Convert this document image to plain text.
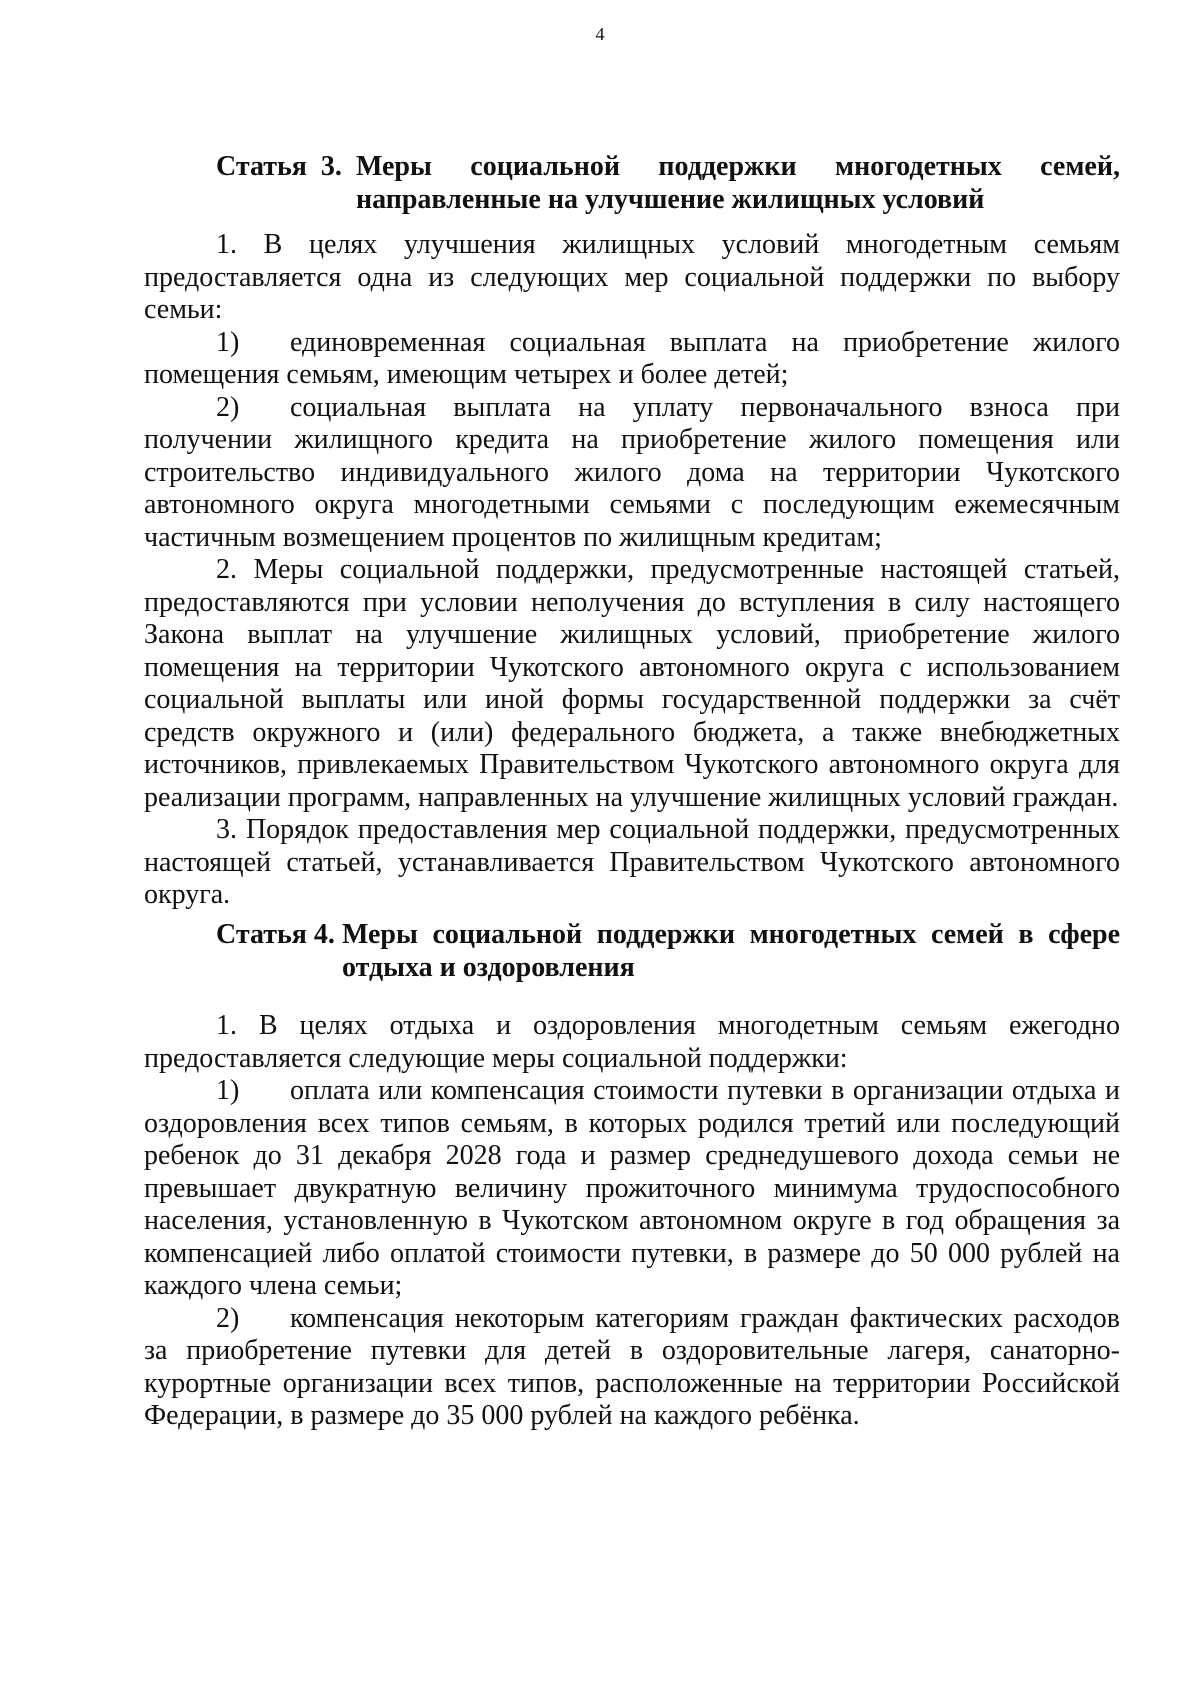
4
Статья  3. Меры социальной поддержки многодетных семей, направленные на улучшение жилищных условий

1. В целях улучшения жилищных условий многодетным семьям предоставляется одна из следующих мер социальной поддержки по выбору семьи:

1) единовременная социальная выплата на приобретение жилого помещения семьям, имеющим четырех и более детей;

2) социальная выплата на уплату первоначального взноса при получении жилищного кредита на приобретение жилого помещения или строительство индивидуального жилого дома на территории Чукотского автономного округа многодетными семьями с последующим ежемесячным частичным возмещением процентов по жилищным кредитам;

2. Меры социальной поддержки, предусмотренные настоящей статьей, предоставляются при условии неполучения до вступления в силу настоящего Закона выплат на улучшение жилищных условий, приобретение жилого помещения на территории Чукотского автономного округа с использованием социальной выплаты или иной формы государственной поддержки за счёт средств окружного и (или) федерального бюджета, а также внебюджетных источников, привлекаемых Правительством Чукотского автономного округа для реализации программ, направленных на улучшение жилищных условий граждан.

3. Порядок предоставления мер социальной поддержки, предусмотренных настоящей статьей, устанавливается Правительством Чукотского автономного округа.

Статья 4. Меры социальной поддержки многодетных семей в сфере отдыха и оздоровления

1. В целях отдыха и оздоровления многодетным семьям ежегодно предоставляется следующие меры социальной поддержки:

1) оплата или компенсация стоимости путевки в организации отдыха и оздоровления всех типов семьям, в которых родился третий или последующий ребенок до 31 декабря 2028 года и размер среднедушевого дохода семьи не превышает двукратную величину прожиточного минимума трудоспособного населения, установленную в Чукотском автономном округе в год обращения за компенсацией либо оплатой стоимости путевки, в размере до 50 000 рублей на каждого члена семьи;

2) компенсация некоторым категориям граждан фактических расходов за приобретение путевки для детей в оздоровительные лагеря, санаторно-курортные организации всех типов, расположенные на территории Российской Федерации, в размере до 35 000 рублей на каждого ребёнка.
